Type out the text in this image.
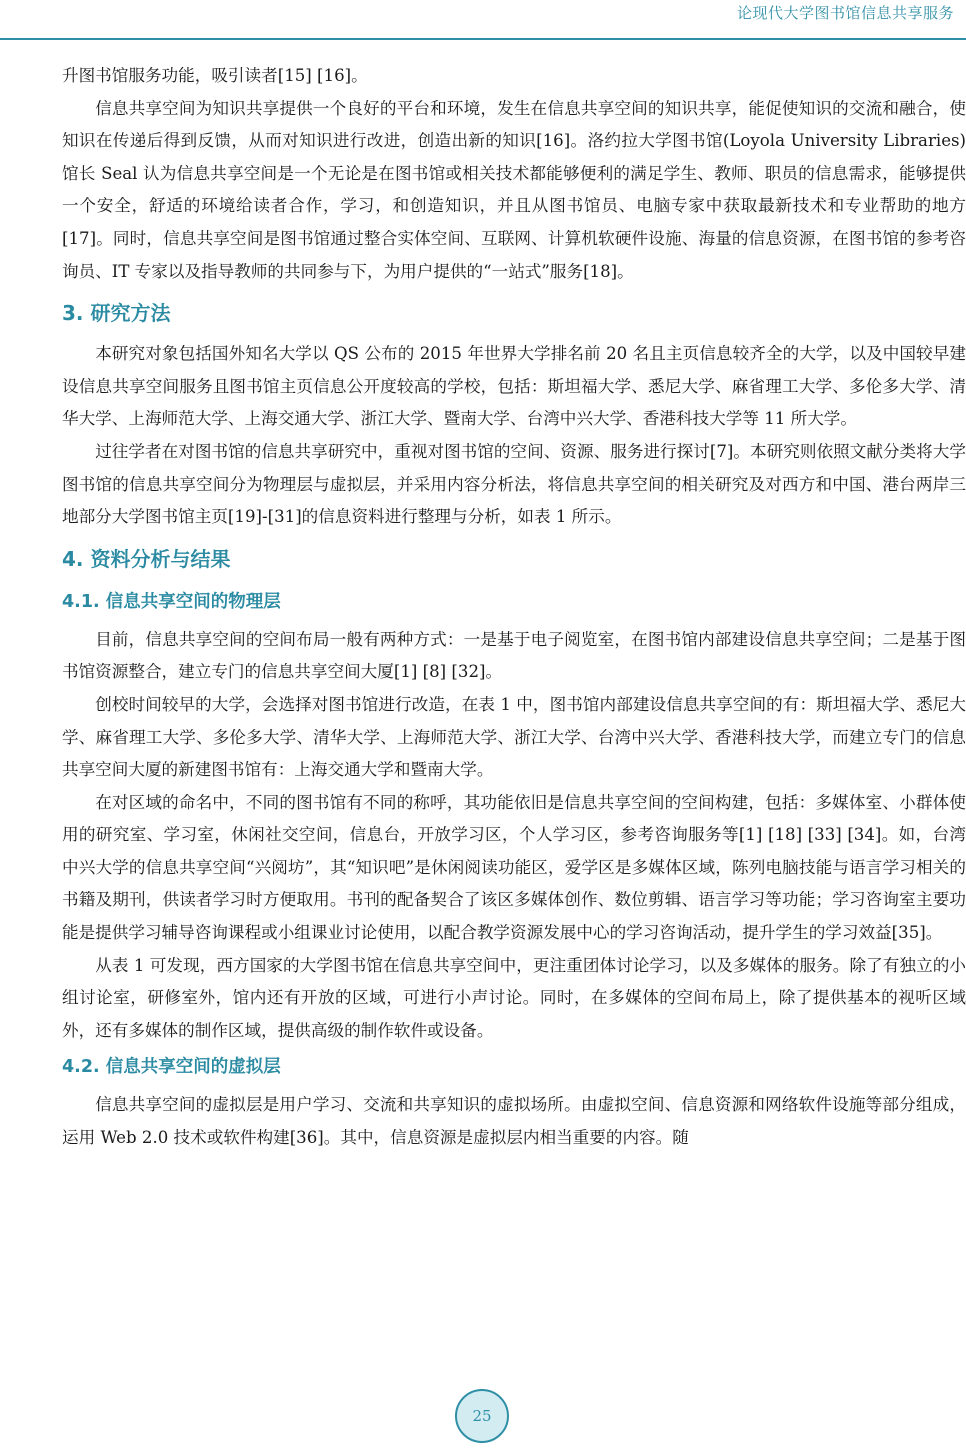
论现代大学图书馆信息共享服务

升图书馆服务功能，吸引读者[15] [16]。

信息共享空间为知识共享提供一个良好的平台和环境，发生在信息共享空间的知识共享，能促使知识的交流和融合，使知识在传递后得到反馈，从而对知识进行改进，创造出新的知识[16]。洛约拉大学图书馆(Loyola University Libraries)馆长 Seal 认为信息共享空间是一个无论是在图书馆或相关技术都能够便利的满足学生、教师、职员的信息需求，能够提供一个安全，舒适的环境给读者合作，学习，和创造知识，并且从图书馆员、电脑专家中获取最新技术和专业帮助的地方[17]。同时，信息共享空间是图书馆通过整合实体空间、互联网、计算机软硬件设施、海量的信息资源，在图书馆的参考咨询员、IT 专家以及指导教师的共同参与下，为用户提供的“一站式”服务[18]。

3. 研究方法

本研究对象包括国外知名大学以 QS 公布的 2015 年世界大学排名前 20 名且主页信息较齐全的大学，以及中国较早建设信息共享空间服务且图书馆主页信息公开度较高的学校，包括：斯坦福大学、悉尼大学、麻省理工大学、多伦多大学、清华大学、上海师范大学、上海交通大学、浙江大学、暨南大学、台湾中兴大学、香港科技大学等 11 所大学。

过往学者在对图书馆的信息共享研究中，重视对图书馆的空间、资源、服务进行探讨[7]。本研究则依照文献分类将大学图书馆的信息共享空间分为物理层与虚拟层，并采用内容分析法，将信息共享空间的相关研究及对西方和中国、港台两岸三地部分大学图书馆主页[19]-[31]的信息资料进行整理与分析，如表 1 所示。

4. 资料分析与结果
4.1. 信息共享空间的物理层

目前，信息共享空间的空间布局一般有两种方式：一是基于电子阅览室，在图书馆内部建设信息共享空间；二是基于图书馆资源整合，建立专门的信息共享空间大厦[1] [8] [32]。

创校时间较早的大学，会选择对图书馆进行改造，在表 1 中，图书馆内部建设信息共享空间的有：斯坦福大学、悉尼大学、麻省理工大学、多伦多大学、清华大学、上海师范大学、浙江大学、台湾中兴大学、香港科技大学，而建立专门的信息共享空间大厦的新建图书馆有：上海交通大学和暨南大学。

在对区域的命名中，不同的图书馆有不同的称呼，其功能依旧是信息共享空间的空间构建，包括：多媒体室、小群体使用的研究室、学习室，休闲社交空间，信息台，开放学习区，个人学习区，参考咨询服务等[1] [18] [33] [34]。如，台湾中兴大学的信息共享空间“兴阅坊”，其“知识吧”是休闲阅读功能区，爱学区是多媒体区域，陈列电脑技能与语言学习相关的书籍及期刊，供读者学习时方便取用。书刊的配备契合了该区多媒体创作、数位剪辑、语言学习等功能；学习咨询室主要功能是提供学习辅导咨询课程或小组课业讨论使用，以配合教学资源发展中心的学习咨询活动，提升学生的学习效益[35]。

从表 1 可发现，西方国家的大学图书馆在信息共享空间中，更注重团体讨论学习，以及多媒体的服务。除了有独立的小组讨论室，研修室外，馆内还有开放的区域，可进行小声讨论。同时，在多媒体的空间布局上，除了提供基本的视听区域外，还有多媒体的制作区域，提供高级的制作软件或设备。

4.2. 信息共享空间的虚拟层

信息共享空间的虚拟层是用户学习、交流和共享知识的虚拟场所。由虚拟空间、信息资源和网络软件设施等部分组成，运用 Web 2.0 技术或软件构建[36]。其中，信息资源是虚拟层内相当重要的内容。随

25
